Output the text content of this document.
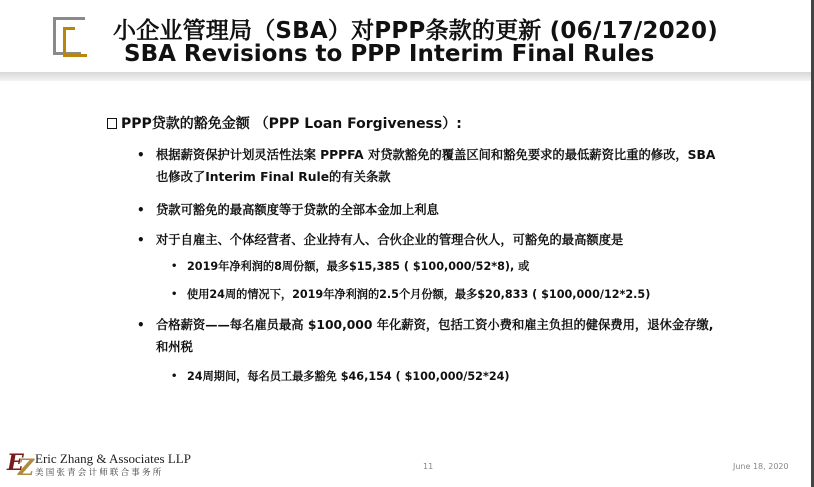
小企业管理局（SBA）对PPP条款的更新 (06/17/2020)
SBA Revisions to PPP Interim Final Rules
PPP贷款的豁免金额 （PPP Loan Forgiveness）:
• 根据薪资保护计划灵活性法案 PPPFA 对贷款豁免的覆盖区间和豁免要求的最低薪资比重的修改，SBA
也修改了Interim Final Rule的有关条款
• 贷款可豁免的最高额度等于贷款的全部本金加上利息
• 对于自雇主、个体经营者、企业持有人、合伙企业的管理合伙人，可豁免的最高额度是
• 2019年净利润的8周份额，最多$15,385 ( $100,000/52*8), 或
• 使用24周的情况下，2019年净利润的2.5个月份额，最多$20,833 ( $100,000/12*2.5)
• 合格薪资——每名雇员最高 $100,000 年化薪资，包括工资小费和雇主负担的健保费用，退休金存缴,
和州税
• 24周期间，每名员工最多豁免 $46,154 ( $100,000/52*24)
E
Z Eric Zhang & Associates LLP
美国张青会计师联合事务所
11	June 18, 2020
